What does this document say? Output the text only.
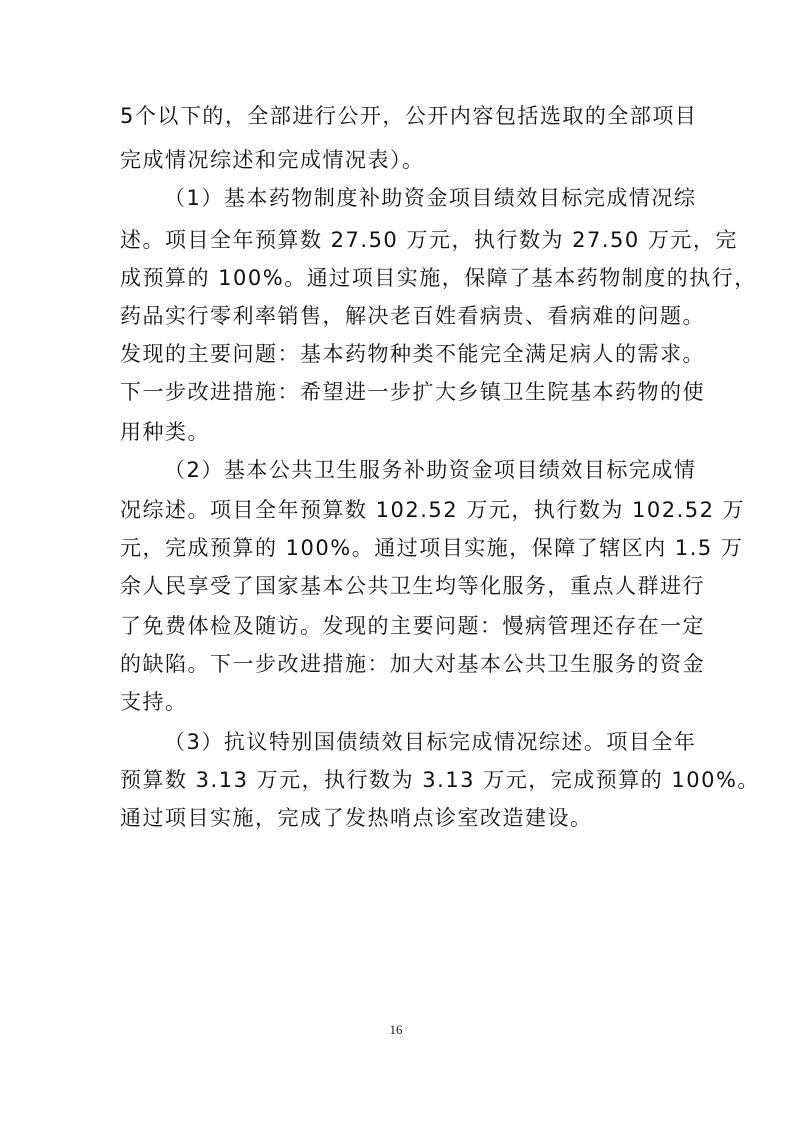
5个以下的，全部进行公开，公开内容包括选取的全部项目
完成情况综述和完成情况表）。
（1）基本药物制度补助资金项目绩效目标完成情况综
述。项目全年预算数 27.50 万元，执行数为 27.50 万元，完
成预算的 100%。通过项目实施，保障了基本药物制度的执行，
药品实行零利率销售，解决老百姓看病贵、看病难的问题。
发现的主要问题：基本药物种类不能完全满足病人的需求。
下一步改进措施：希望进一步扩大乡镇卫生院基本药物的使
用种类。
（2）基本公共卫生服务补助资金项目绩效目标完成情
况综述。项目全年预算数 102.52 万元，执行数为 102.52 万
元，完成预算的 100%。通过项目实施，保障了辖区内 1.5 万
余人民享受了国家基本公共卫生均等化服务，重点人群进行
了免费体检及随访。发现的主要问题：慢病管理还存在一定
的缺陷。下一步改进措施：加大对基本公共卫生服务的资金
支持。
（3）抗议特别国债绩效目标完成情况综述。项目全年
预算数 3.13 万元，执行数为 3.13 万元，完成预算的 100%。
通过项目实施，完成了发热哨点诊室改造建设。
16
